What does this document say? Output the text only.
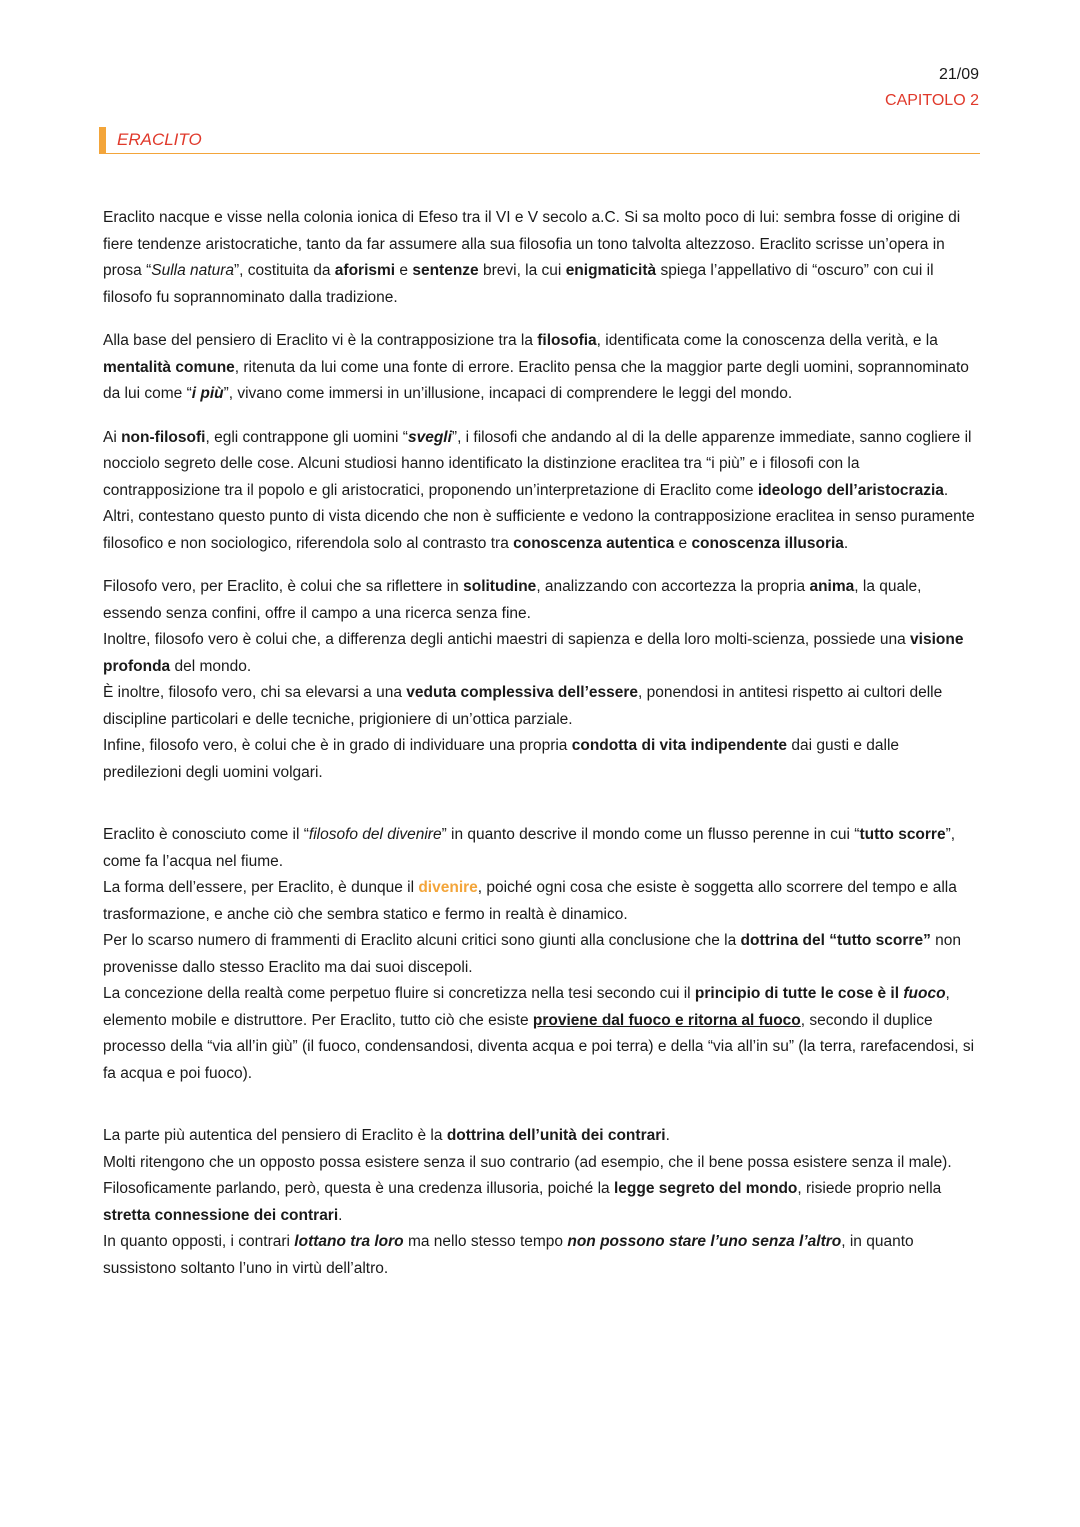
21/09
CAPITOLO 2
ERACLITO

Eraclito nacque e visse nella colonia ionica di Efeso tra il VI e V secolo a.C. Si sa molto poco di lui: sembra fosse di origine di fiere tendenze aristocratiche, tanto da far assumere alla sua filosofia un tono talvolta altezzoso. Eraclito scrisse un’opera in prosa “Sulla natura”, costituita da aforismi e sentenze brevi, la cui enigmaticità spiega l’appellativo di “oscuro” con cui il filosofo fu soprannominato dalla tradizione.

Alla base del pensiero di Eraclito vi è la contrapposizione tra la filosofia, identificata come la conoscenza della verità, e la mentalità comune, ritenuta da lui come una fonte di errore. Eraclito pensa che la maggior parte degli uomini, soprannominato da lui come “i più”, vivano come immersi in un’illusione, incapaci di comprendere le leggi del mondo.

Ai non-filosofi, egli contrappone gli uomini “svegli”, i filosofi che andando al di la delle apparenze immediate, sanno cogliere il nocciolo segreto delle cose. Alcuni studiosi hanno identificato la distinzione eraclitea tra “i più” e i filosofi con la contrapposizione tra il popolo e gli aristocratici, proponendo un’interpretazione di Eraclito come ideologo dell’aristocrazia. Altri, contestano questo punto di vista dicendo che non è sufficiente e vedono la contrapposizione eraclitea in senso puramente filosofico e non sociologico, riferendola solo al contrasto tra conoscenza autentica e conoscenza illusoria.

Filosofo vero, per Eraclito, è colui che sa riflettere in solitudine, analizzando con accortezza la propria anima, la quale, essendo senza confini, offre il campo a una ricerca senza fine.
Inoltre, filosofo vero è colui che, a differenza degli antichi maestri di sapienza e della loro molti-scienza, possiede una visione profonda del mondo.
È inoltre, filosofo vero, chi sa elevarsi a una veduta complessiva dell’essere, ponendosi in antitesi rispetto ai cultori delle discipline particolari e delle tecniche, prigioniere di un’ottica parziale.
Infine, filosofo vero, è colui che è in grado di individuare una propria condotta di vita indipendente dai gusti e dalle predilezioni degli uomini volgari.

Eraclito è conosciuto come il “filosofo del divenire” in quanto descrive il mondo come un flusso perenne in cui “tutto scorre”, come fa l’acqua nel fiume.
La forma dell’essere, per Eraclito, è dunque il divenire, poiché ogni cosa che esiste è soggetta allo scorrere del tempo e alla trasformazione, e anche ciò che sembra statico e fermo in realtà è dinamico.
Per lo scarso numero di frammenti di Eraclito alcuni critici sono giunti alla conclusione che la dottrina del “tutto scorre” non provenisse dallo stesso Eraclito ma dai suoi discepoli.
La concezione della realtà come perpetuo fluire si concretizza nella tesi secondo cui il principio di tutte le cose è il fuoco, elemento mobile e distruttore. Per Eraclito, tutto ciò che esiste proviene dal fuoco e ritorna al fuoco, secondo il duplice processo della “via all’in giù” (il fuoco, condensandosi, diventa acqua e poi terra) e della “via all’in su” (la terra, rarefacendosi, si fa acqua e poi fuoco).

La parte più autentica del pensiero di Eraclito è la dottrina dell’unità dei contrari.
Molti ritengono che un opposto possa esistere senza il suo contrario (ad esempio, che il bene possa esistere senza il male). Filosoficamente parlando, però, questa è una credenza illusoria, poiché la legge segreto del mondo, risiede proprio nella stretta connessione dei contrari.
In quanto opposti, i contrari lottano tra loro ma nello stesso tempo non possono stare l’uno senza l’altro, in quanto sussistono soltanto l’uno in virtù dell’altro.
